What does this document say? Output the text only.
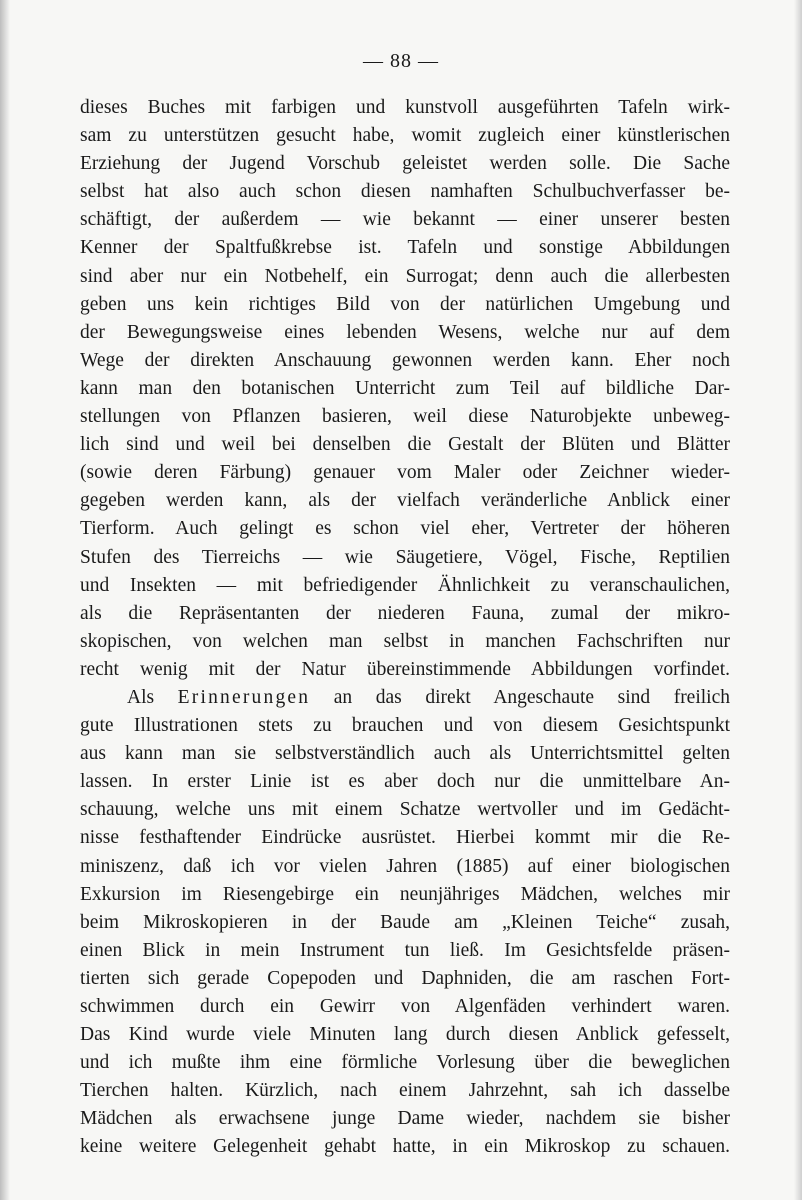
— 88 —
dieses Buches mit farbigen und kunstvoll ausgeführten Tafeln wirk-
sam zu unterstützen gesucht habe, womit zugleich einer künstlerischen
Erziehung der Jugend Vorschub geleistet werden solle. Die Sache
selbst hat also auch schon diesen namhaften Schulbuchverfasser be-
schäftigt, der außerdem — wie bekannt — einer unserer besten
Kenner der Spaltfußkrebse ist. Tafeln und sonstige Abbildungen
sind aber nur ein Notbehelf, ein Surrogat; denn auch die allerbesten
geben uns kein richtiges Bild von der natürlichen Umgebung und
der Bewegungsweise eines lebenden Wesens, welche nur auf dem
Wege der direkten Anschauung gewonnen werden kann. Eher noch
kann man den botanischen Unterricht zum Teil auf bildliche Dar-
stellungen von Pflanzen basieren, weil diese Naturobjekte unbeweg-
lich sind und weil bei denselben die Gestalt der Blüten und Blätter
(sowie deren Färbung) genauer vom Maler oder Zeichner wieder-
gegeben werden kann, als der vielfach veränderliche Anblick einer
Tierform. Auch gelingt es schon viel eher, Vertreter der höheren
Stufen des Tierreichs — wie Säugetiere, Vögel, Fische, Reptilien
und Insekten — mit befriedigender Ähnlichkeit zu veranschaulichen,
als die Repräsentanten der niederen Fauna, zumal der mikro-
skopischen, von welchen man selbst in manchen Fachschriften nur
recht wenig mit der Natur übereinstimmende Abbildungen vorfindet.
Als Erinnerungen an das direkt Angeschaute sind freilich
gute Illustrationen stets zu brauchen und von diesem Gesichtspunkt
aus kann man sie selbstverständlich auch als Unterrichtsmittel gelten
lassen. In erster Linie ist es aber doch nur die unmittelbare An-
schauung, welche uns mit einem Schatze wertvoller und im Gedächt-
nisse festhaftender Eindrücke ausrüstet. Hierbei kommt mir die Re-
miniszenz, daß ich vor vielen Jahren (1885) auf einer biologischen
Exkursion im Riesengebirge ein neunjähriges Mädchen, welches mir
beim Mikroskopieren in der Baude am „Kleinen Teiche“ zusah,
einen Blick in mein Instrument tun ließ. Im Gesichtsfelde präsen-
tierten sich gerade Copepoden und Daphniden, die am raschen Fort-
schwimmen durch ein Gewirr von Algenfäden verhindert waren.
Das Kind wurde viele Minuten lang durch diesen Anblick gefesselt,
und ich mußte ihm eine förmliche Vorlesung über die beweglichen
Tierchen halten. Kürzlich, nach einem Jahrzehnt, sah ich dasselbe
Mädchen als erwachsene junge Dame wieder, nachdem sie bisher
keine weitere Gelegenheit gehabt hatte, in ein Mikroskop zu schauen.
